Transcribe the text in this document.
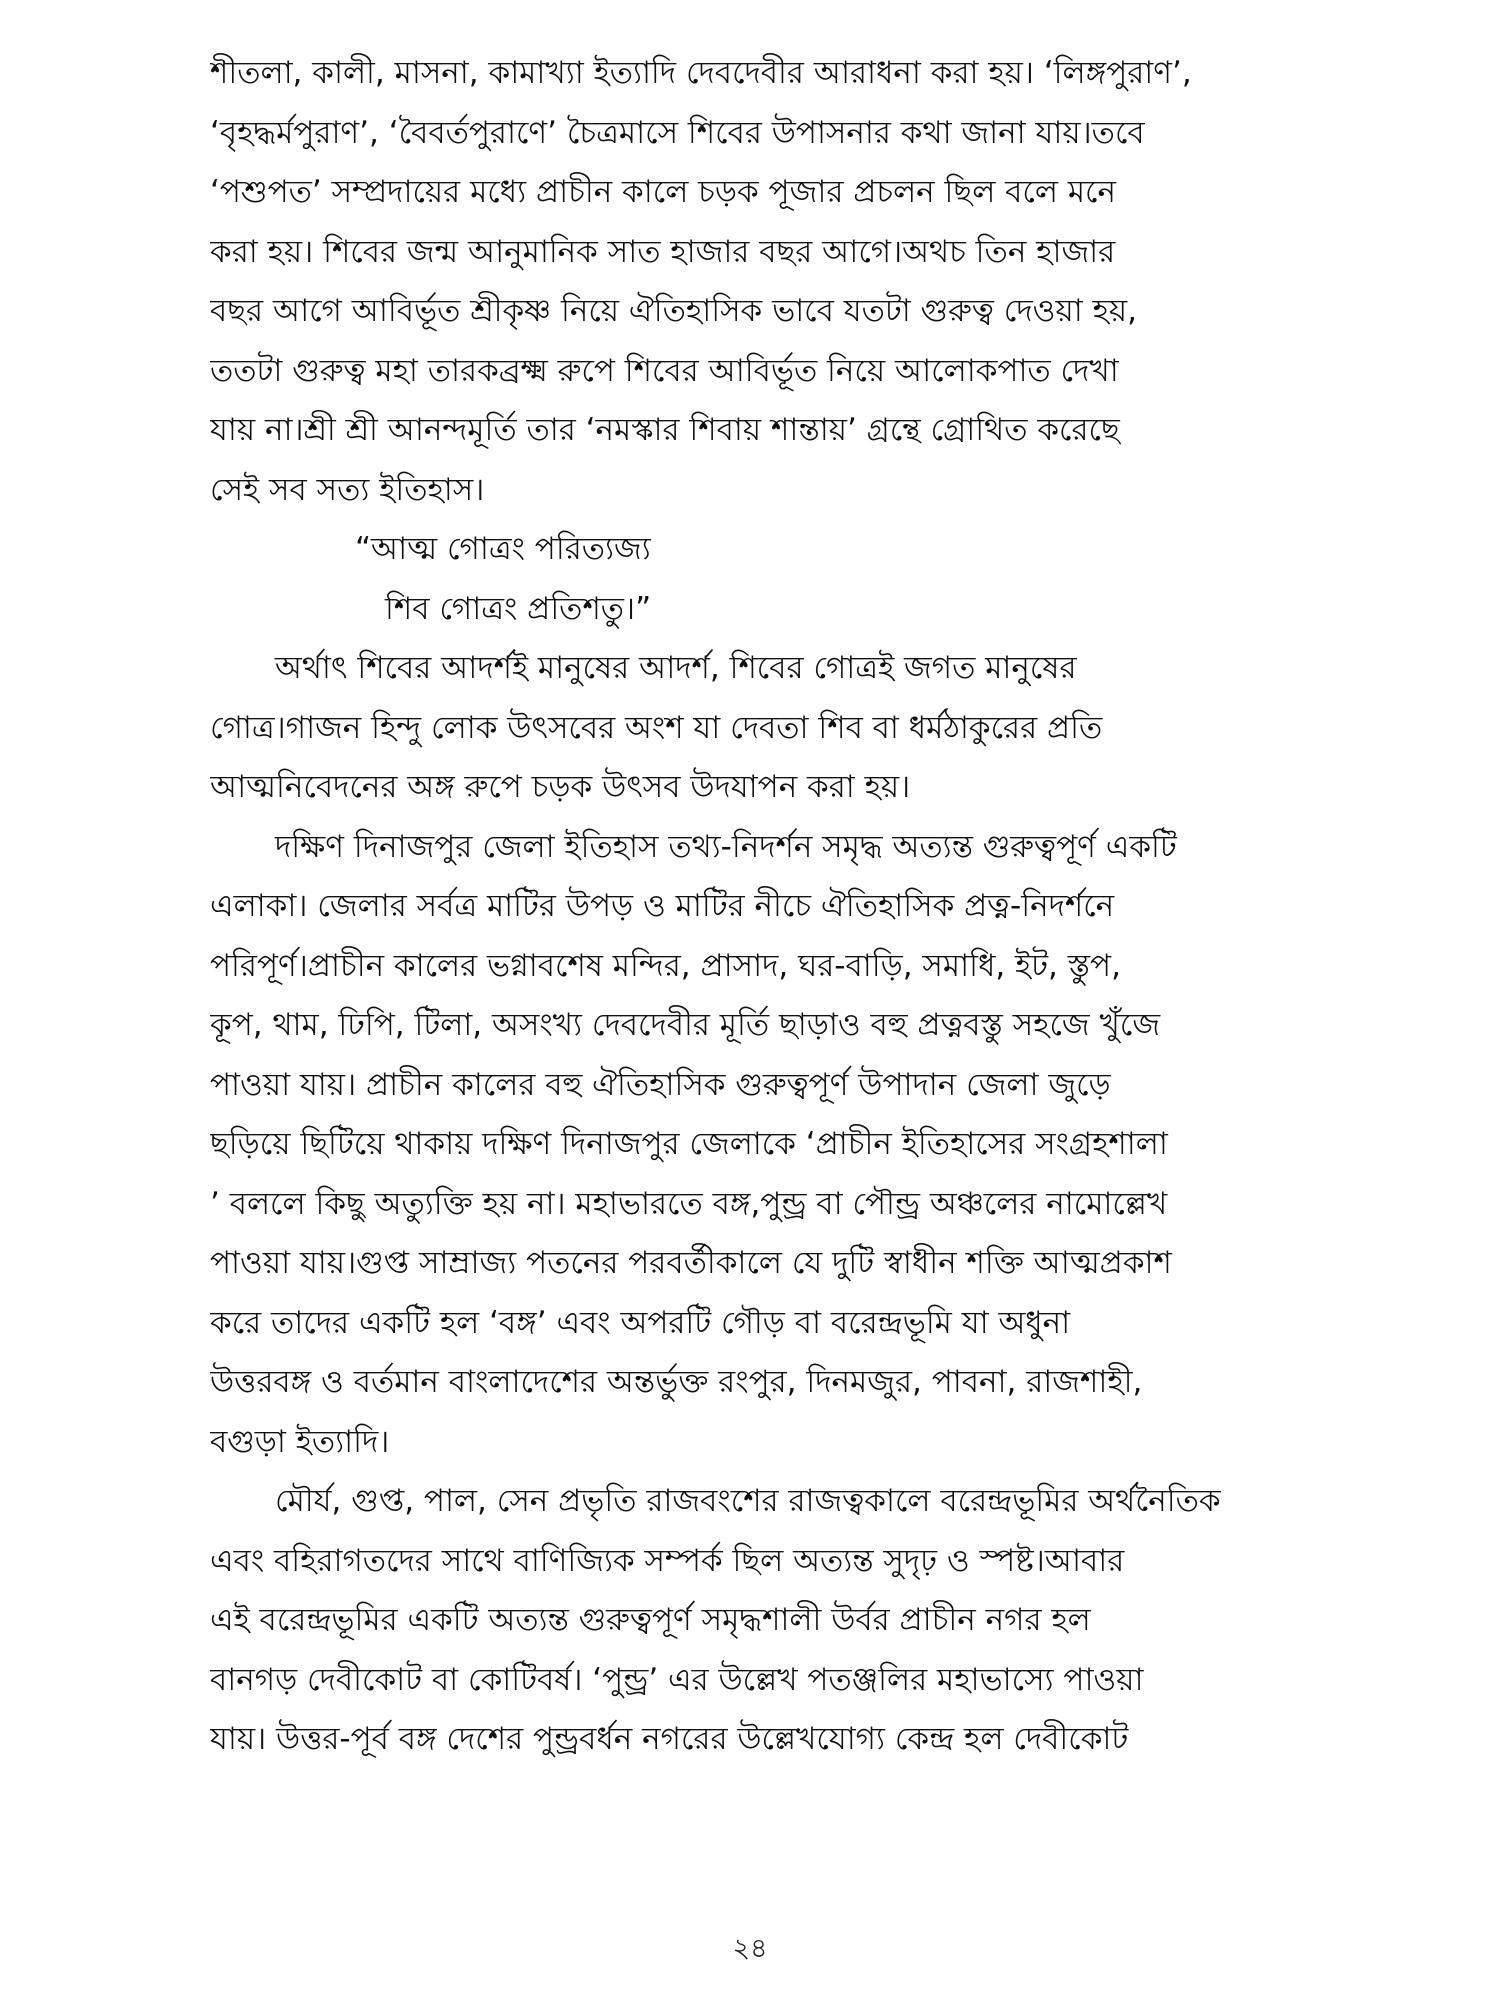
শীতলা, কালী, মাসনা, কামাখ্যা ইত্যাদি দেবদেবীর আরাধনা করা হয়। ‘লিঙ্গপুরাণ’,
‘বৃহদ্ধর্মপুরাণ’, ‘বৈবর্তপুরাণে’ চৈত্রমাসে শিবের উপাসনার কথা জানা যায়।তবে
‘পশুপত’ সম্প্রদায়ের মধ্যে প্রাচীন কালে চড়ক পূজার প্রচলন ছিল বলে মনে
করা হয়। শিবের জন্ম আনুমানিক সাত হাজার বছর আগে।অথচ তিন হাজার
বছর আগে আবির্ভূত শ্রীকৃষ্ণ নিয়ে ঐতিহাসিক ভাবে যতটা গুরুত্ব দেওয়া হয়,
ততটা গুরুত্ব মহা তারকব্রক্ষ্ম রুপে শিবের আবির্ভূত নিয়ে আলোকপাত দেখা
যায় না।শ্রী শ্রী আনন্দমূর্তি তার ‘নমস্কার শিবায় শান্তায়’ গ্রন্থে গ্রোথিত করেছে
সেই সব সত্য ইতিহাস।
“আত্ম গোত্রং পরিত্যজ্য
শিব গোত্রং প্রতিশতু।”
অর্থাৎ শিবের আদর্শই মানুষের আদর্শ, শিবের গোত্রই জগত মানুষের
গোত্র।গাজন হিন্দু লোক উৎসবের অংশ যা দেবতা শিব বা ধর্মঠাকুরের প্রতি
আত্মনিবেদনের অঙ্গ রুপে চড়ক উৎসব উদযাপন করা হয়।
দক্ষিণ দিনাজপুর জেলা ইতিহাস তথ্য-নিদর্শন সমৃদ্ধ অত্যন্ত গুরুত্বপূর্ণ একটি
এলাকা। জেলার সর্বত্র মাটির উপড় ও মাটির নীচে ঐতিহাসিক প্রত্ন-নিদর্শনে
পরিপূর্ণ।প্রাচীন কালের ভগ্নাবশেষ মন্দির, প্রাসাদ, ঘর-বাড়ি, সমাধি, ইট, স্তুপ,
কূপ, থাম, ঢিপি, টিলা, অসংখ্য দেবদেবীর মূর্তি ছাড়াও বহু প্রত্নবস্তু সহজে খুঁজে
পাওয়া যায়। প্রাচীন কালের বহু ঐতিহাসিক গুরুত্বপূর্ণ উপাদান জেলা জুড়ে
ছড়িয়ে ছিটিয়ে থাকায় দক্ষিণ দিনাজপুর জেলাকে ‘প্রাচীন ইতিহাসের সংগ্রহশালা
’ বললে কিছু অত্যুক্তি হয় না। মহাভারতে বঙ্গ,পুন্ড্র বা পৌন্ড্র অঞ্চলের নামোল্লেখ
পাওয়া যায়।গুপ্ত সাম্রাজ্য পতনের পরবর্তীকালে যে দুটি স্বাধীন শক্তি আত্মপ্রকাশ
করে তাদের একটি হল ‘বঙ্গ’ এবং অপরটি গৌড় বা বরেন্দ্রভূমি যা অধুনা
উত্তরবঙ্গ ও বর্তমান বাংলাদেশের অন্তর্ভুক্ত রংপুর, দিনমজুর, পাবনা, রাজশাহী,
বগুড়া ইত্যাদি।
মৌর্য, গুপ্ত, পাল, সেন প্রভৃতি রাজবংশের রাজত্বকালে বরেন্দ্রভূমির অর্থনৈতিক
এবং বহিরাগতদের সাথে বাণিজ্যিক সম্পর্ক ছিল অত্যন্ত সুদৃঢ় ও স্পষ্ট।আবার
এই বরেন্দ্রভূমির একটি অত্যন্ত গুরুত্বপূর্ণ সমৃদ্ধশালী উর্বর প্রাচীন নগর হল
বানগড় দেবীকোট বা কোটিবর্ষ। ‘পুন্ড্র’ এর উল্লেখ পতঞ্জলির মহাভাস্যে পাওয়া
যায়। উত্তর-পূর্ব বঙ্গ দেশের পুন্ড্রবর্ধন নগরের উল্লেখযোগ্য কেন্দ্র হল দেবীকোট
২৪
